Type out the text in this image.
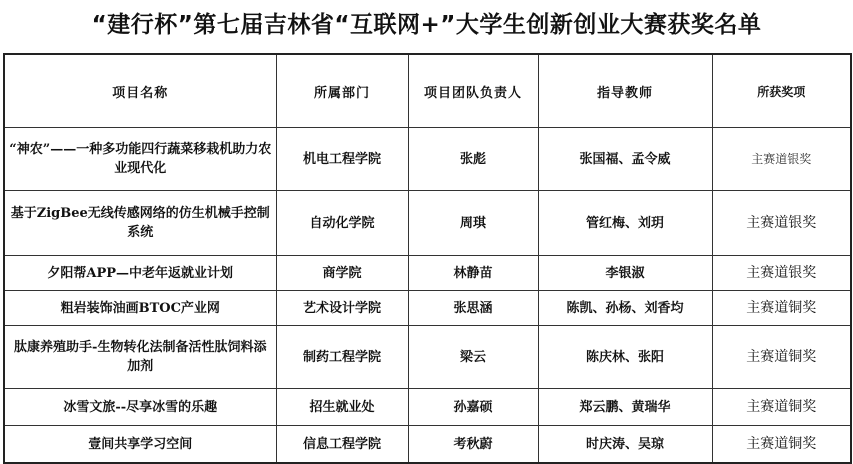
“建行杯”第七届吉林省“互联网+”大学生创新创业大赛获奖名单
项目名称	所属部门	项目团队负责人	指导教师	所获奖项
“神农”——一种多功能四行蔬菜移栽机助力农业现代化	机电工程学院	张彪	张国福、孟令威	主赛道银奖
基于ZigBee无线传感网络的仿生机械手控制系统	自动化学院	周琪	管红梅、刘玥	主赛道银奖
夕阳帮APP—中老年返就业计划	商学院	林静苗	李银淑	主赛道银奖
粗岩装饰油画BTOC产业网	艺术设计学院	张思涵	陈凯、孙杨、刘香均	主赛道铜奖
肽康养殖助手-生物转化法制备活性肽饲料添加剂	制药工程学院	梁云	陈庆林、张阳	主赛道铜奖
冰雪文旅--尽享冰雪的乐趣	招生就业处	孙嘉硕	郑云鹏、黄瑞华	主赛道铜奖
壹间共享学习空间	信息工程学院	考秋蔚	时庆涛、吴琼	主赛道铜奖
